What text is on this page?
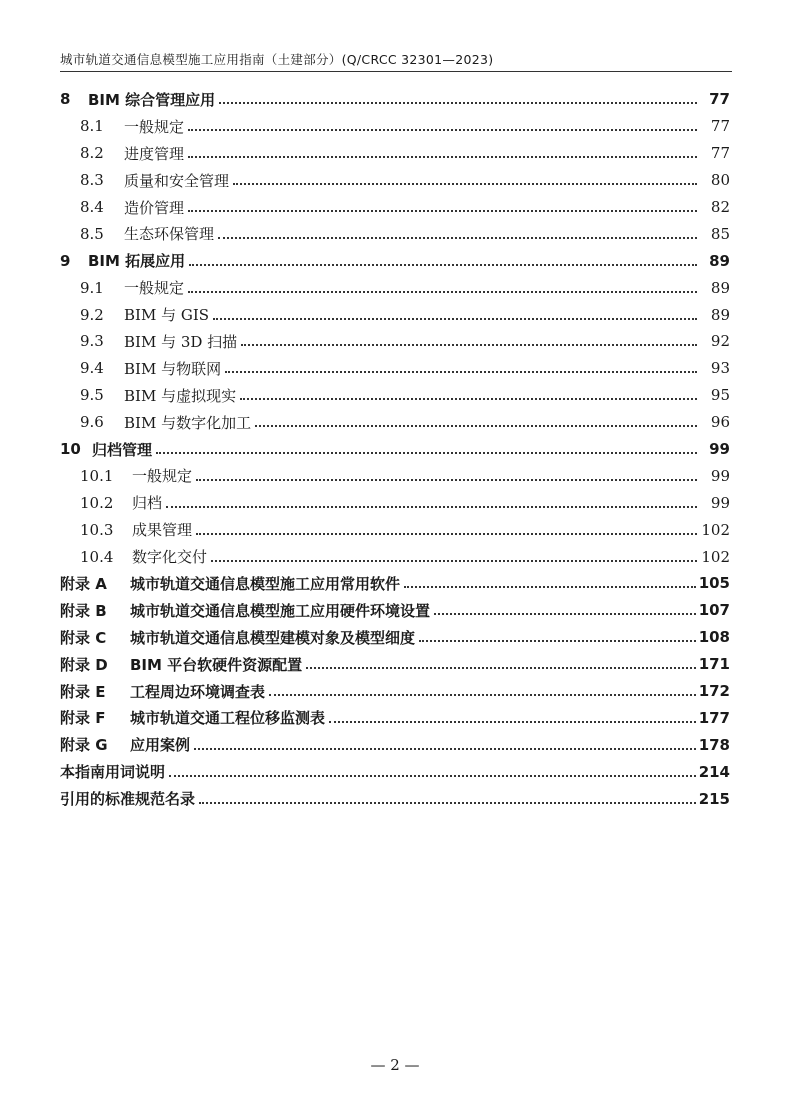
城市轨道交通信息模型施工应用指南（土建部分）(Q/CRCC 32301—2023)
8	BIM 综合管理应用	77
8.1	一般规定	77
8.2	进度管理	77
8.3	质量和安全管理	80
8.4	造价管理	82
8.5	生态环保管理	85
9	BIM 拓展应用	89
9.1	一般规定	89
9.2	BIM 与 GIS	89
9.3	BIM 与 3D 扫描	92
9.4	BIM 与物联网	93
9.5	BIM 与虚拟现实	95
9.6	BIM 与数字化加工	96
10 归档管理	99
10.1	一般规定	99
10.2	归档	99
10.3	成果管理	102
10.4	数字化交付	102
附录 A	城市轨道交通信息模型施工应用常用软件	105
附录 B	城市轨道交通信息模型施工应用硬件环境设置	107
附录 C	城市轨道交通信息模型建模对象及模型细度	108
附录 D	BIM 平台软硬件资源配置	171
附录 E	工程周边环境调查表	172
附录 F	城市轨道交通工程位移监测表	177
附录 G	应用案例	178
本指南用词说明	214
引用的标准规范名录	215
— 2 —
